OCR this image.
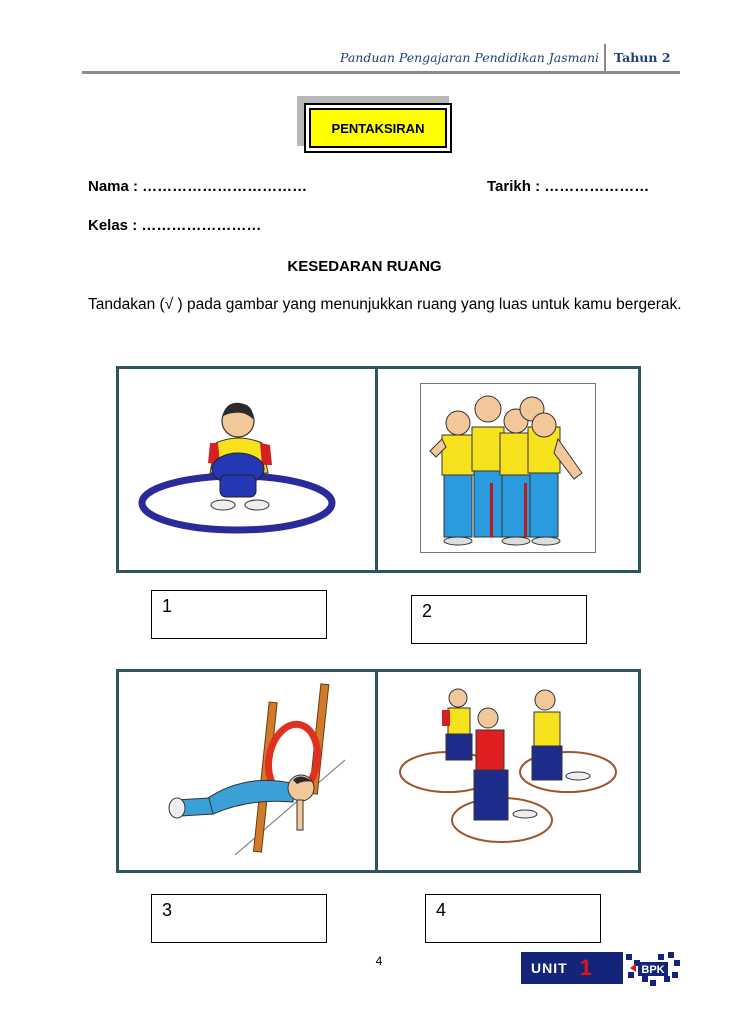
Panduan Pengajaran Pendidikan Jasmani Tahun 2
PENTAKSIRAN
Nama : ……………………………	Tarikh : …………………
Kelas : ……………………
KESEDARAN RUANG
Tandakan (√ ) pada gambar yang menunjukkan ruang yang luas untuk kamu bergerak.
1	2
3	4
4	UNIT 1	BPK
